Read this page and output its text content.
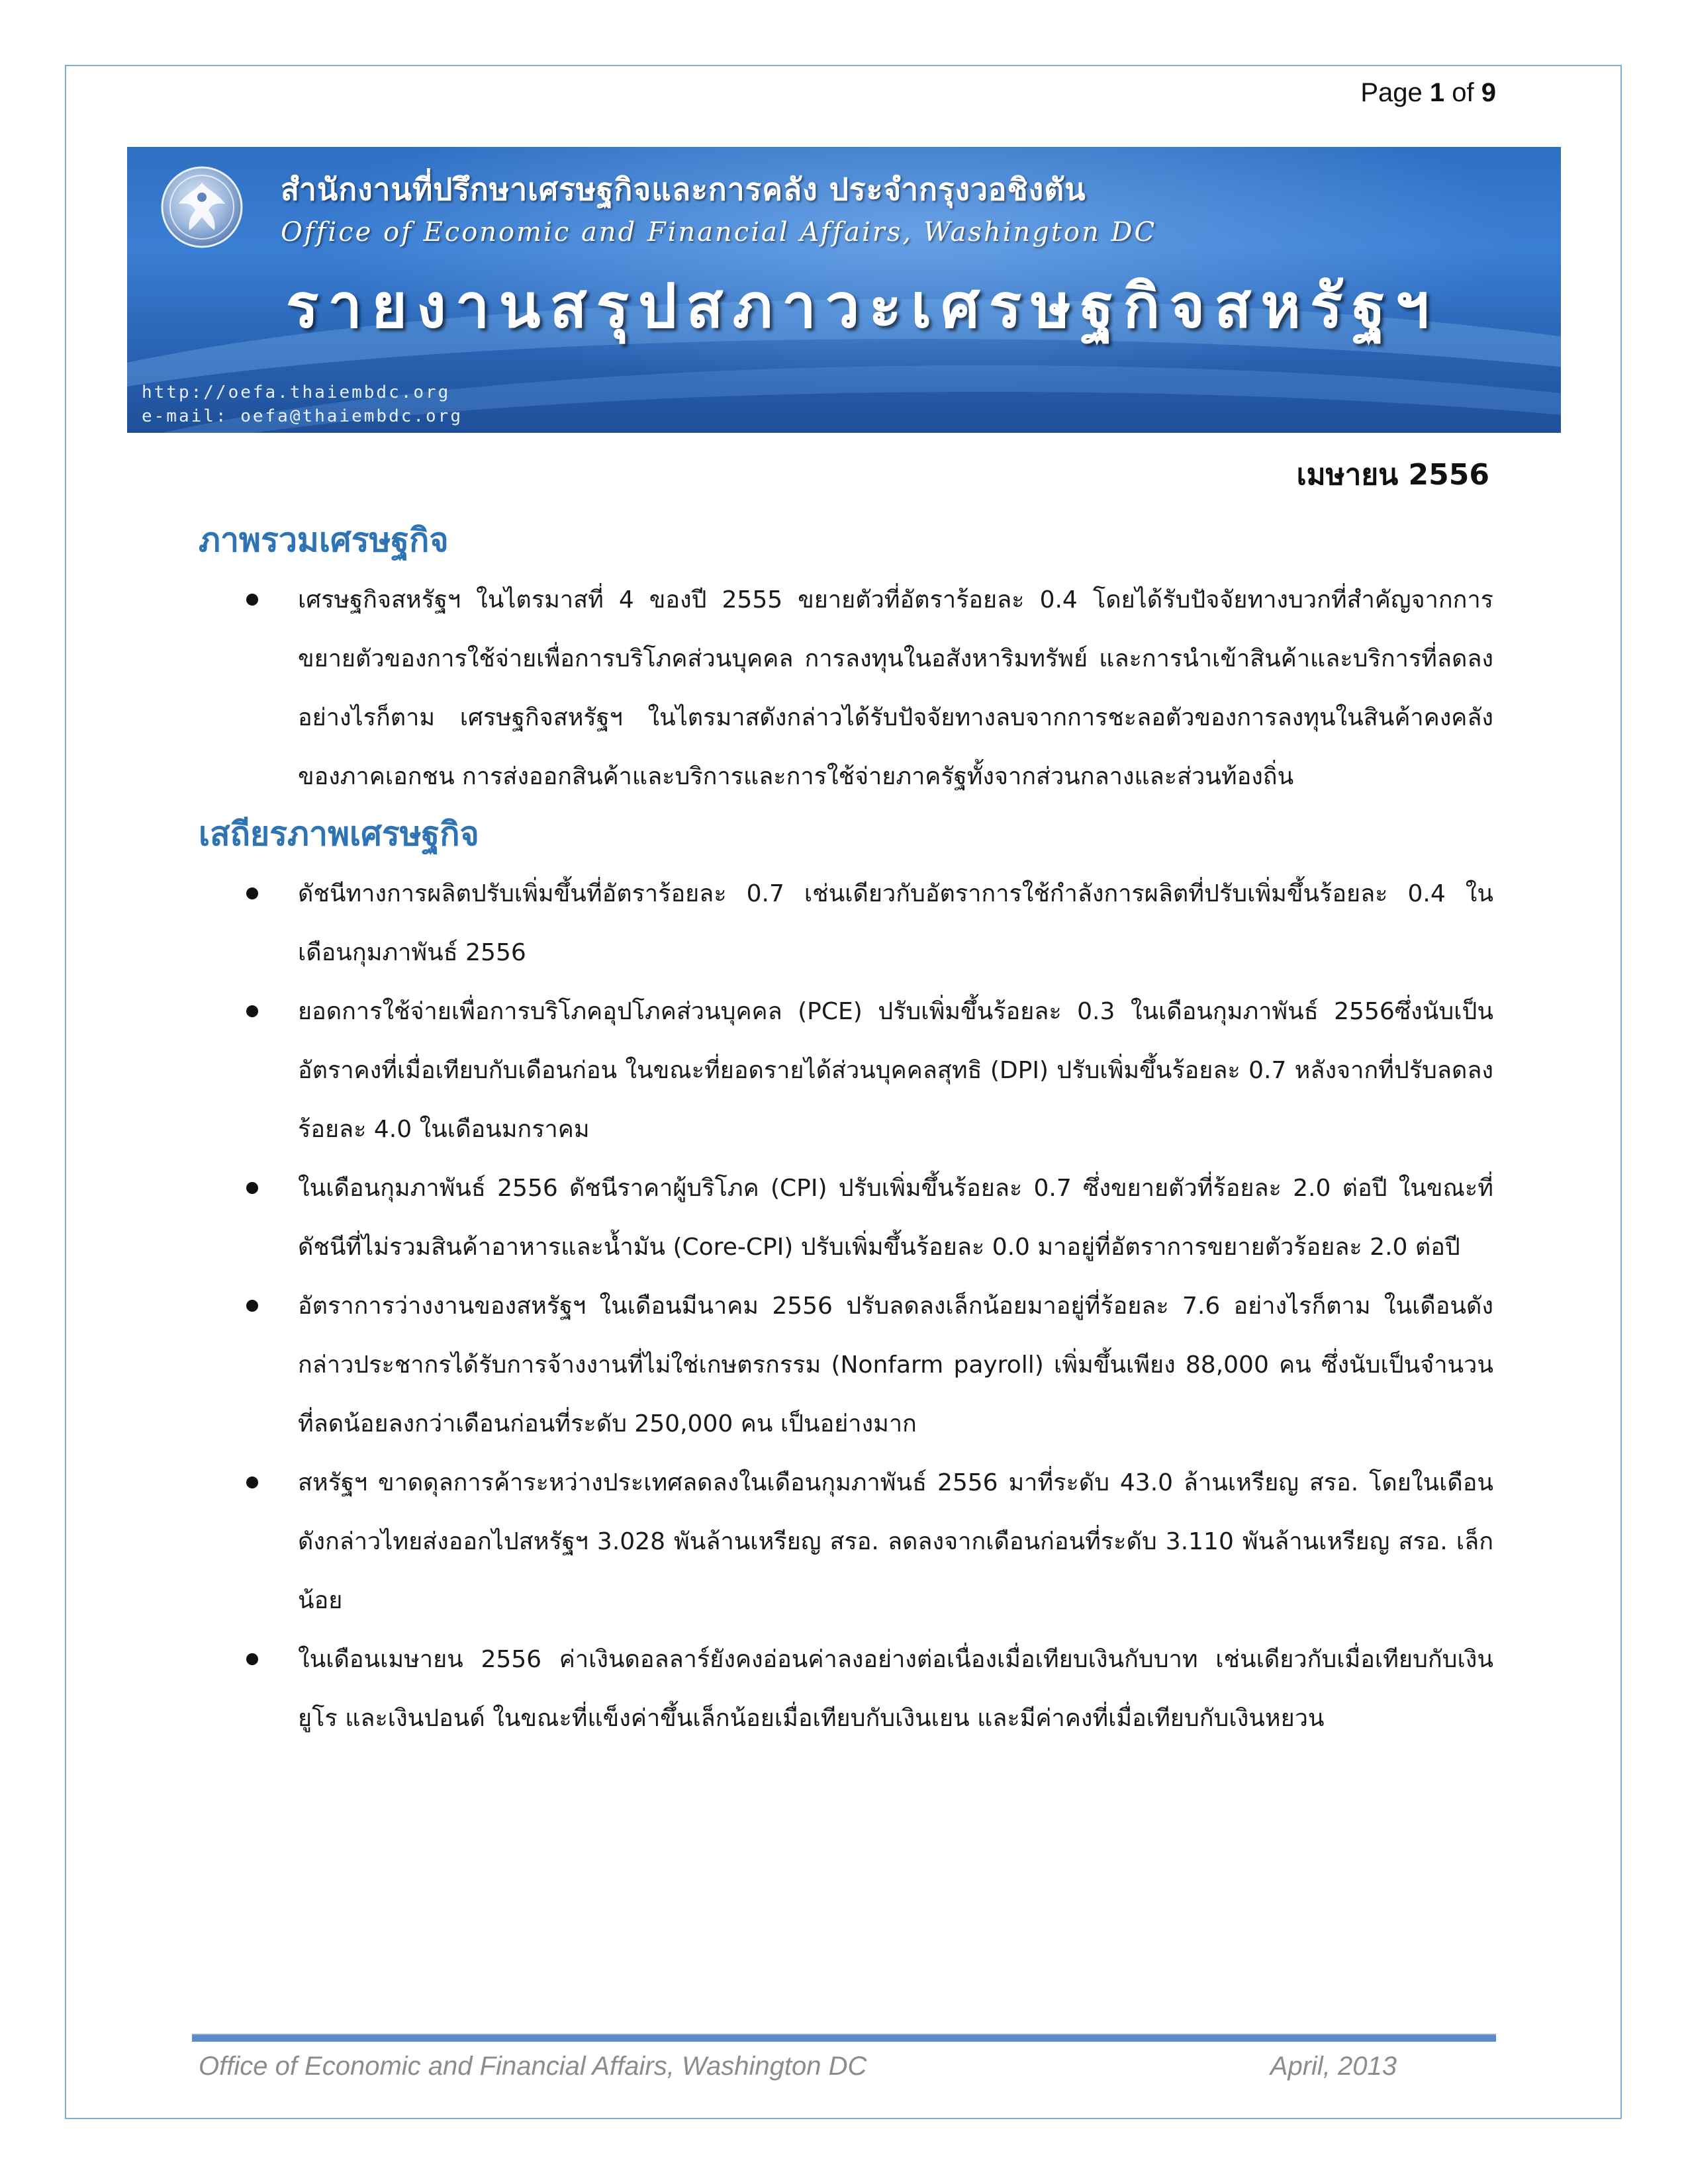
Page 1 of 9
สำนักงานที่ปรึกษาเศรษฐกิจและการคลัง ประจำกรุงวอชิงตัน
Office of Economic and Financial Affairs, Washington DC
รายงานสรุปสภาวะเศรษฐกิจสหรัฐฯ
http://oefa.thaiembdc.org
e-mail: oefa@thaiembdc.org
เมษายน 2556
ภาพรวมเศรษฐกิจ
เศรษฐกิจสหรัฐฯ ในไตรมาสที่ 4 ของปี 2555 ขยายตัวที่อัตราร้อยละ 0.4 โดยได้รับปัจจัยทางบวกที่สำคัญจากการขยายตัวของการใช้จ่ายเพื่อการบริโภคส่วนบุคคล การลงทุนในอสังหาริมทรัพย์ และการนำเข้าสินค้าและบริการที่ลดลง อย่างไรก็ตาม เศรษฐกิจสหรัฐฯ ในไตรมาสดังกล่าวได้รับปัจจัยทางลบจากการชะลอตัวของการลงทุนในสินค้าคงคลังของภาคเอกชน การส่งออกสินค้าและบริการและการใช้จ่ายภาครัฐทั้งจากส่วนกลางและส่วนท้องถิ่น
เสถียรภาพเศรษฐกิจ
ดัชนีทางการผลิตปรับเพิ่มขึ้นที่อัตราร้อยละ 0.7 เช่นเดียวกับอัตราการใช้กำลังการผลิตที่ปรับเพิ่มขึ้นร้อยละ 0.4 ในเดือนกุมภาพันธ์ 2556
ยอดการใช้จ่ายเพื่อการบริโภคอุปโภคส่วนบุคคล (PCE) ปรับเพิ่มขึ้นร้อยละ 0.3 ในเดือนกุมภาพันธ์ 2556ซึ่งนับเป็นอัตราคงที่เมื่อเทียบกับเดือนก่อน ในขณะที่ยอดรายได้ส่วนบุคคลสุทธิ (DPI) ปรับเพิ่มขึ้นร้อยละ 0.7 หลังจากที่ปรับลดลงร้อยละ 4.0 ในเดือนมกราคม
ในเดือนกุมภาพันธ์ 2556 ดัชนีราคาผู้บริโภค (CPI) ปรับเพิ่มขึ้นร้อยละ 0.7 ซึ่งขยายตัวที่ร้อยละ 2.0 ต่อปี ในขณะที่ดัชนีที่ไม่รวมสินค้าอาหารและน้ำมัน (Core-CPI) ปรับเพิ่มขึ้นร้อยละ 0.0 มาอยู่ที่อัตราการขยายตัวร้อยละ 2.0 ต่อปี
อัตราการว่างงานของสหรัฐฯ ในเดือนมีนาคม 2556 ปรับลดลงเล็กน้อยมาอยู่ที่ร้อยละ 7.6 อย่างไรก็ตาม ในเดือนดังกล่าวประชากรได้รับการจ้างงานที่ไม่ใช่เกษตรกรรม (Nonfarm payroll) เพิ่มขึ้นเพียง 88,000 คน ซึ่งนับเป็นจำนวนที่ลดน้อยลงกว่าเดือนก่อนที่ระดับ 250,000 คน เป็นอย่างมาก
สหรัฐฯ ขาดดุลการค้าระหว่างประเทศลดลงในเดือนกุมภาพันธ์ 2556 มาที่ระดับ 43.0 ล้านเหรียญ สรอ. โดยในเดือนดังกล่าวไทยส่งออกไปสหรัฐฯ 3.028 พันล้านเหรียญ สรอ. ลดลงจากเดือนก่อนที่ระดับ 3.110 พันล้านเหรียญ สรอ. เล็กน้อย
ในเดือนเมษายน 2556 ค่าเงินดอลลาร์ยังคงอ่อนค่าลงอย่างต่อเนื่องเมื่อเทียบเงินกับบาท เช่นเดียวกับเมื่อเทียบกับเงินยูโร และเงินปอนด์ ในขณะที่แข็งค่าขึ้นเล็กน้อยเมื่อเทียบกับเงินเยน และมีค่าคงที่เมื่อเทียบกับเงินหยวน
Office of Economic and Financial Affairs, Washington DC	April, 2013
